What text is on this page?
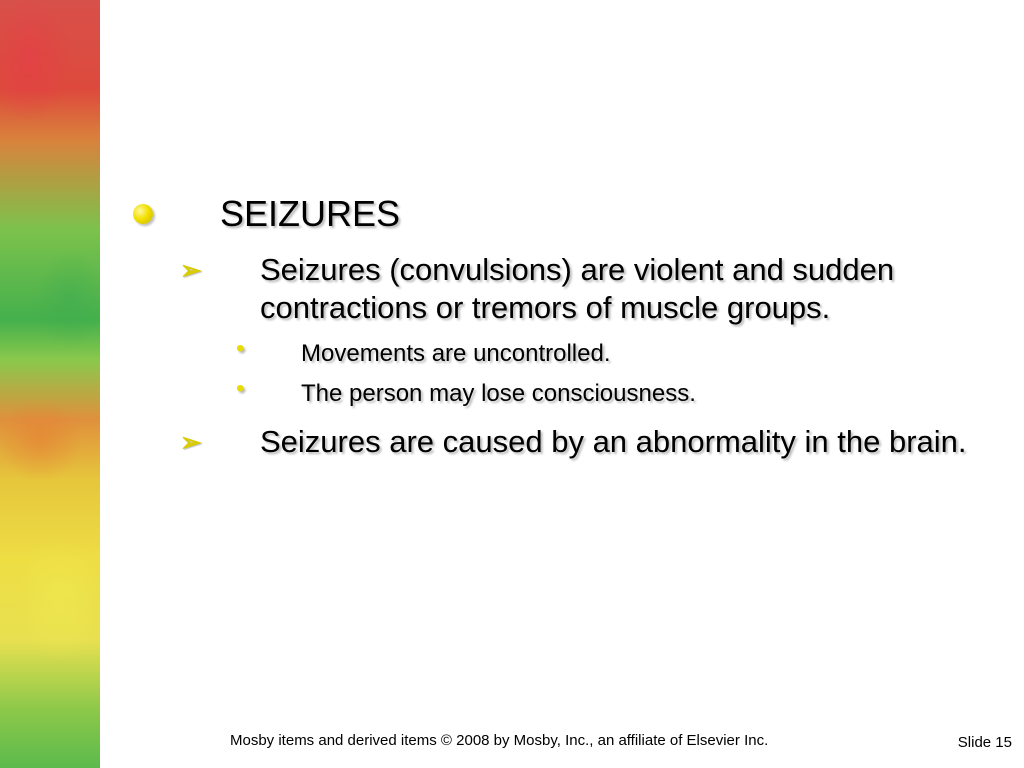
SEIZURES
➢ Seizures (convulsions) are violent and sudden contractions or tremors of muscle groups.
• Movements are uncontrolled.
• The person may lose consciousness.
➢ Seizures are caused by an abnormality in the brain.
Mosby items and derived items © 2008 by Mosby, Inc., an affiliate of Elsevier Inc.	Slide 15
